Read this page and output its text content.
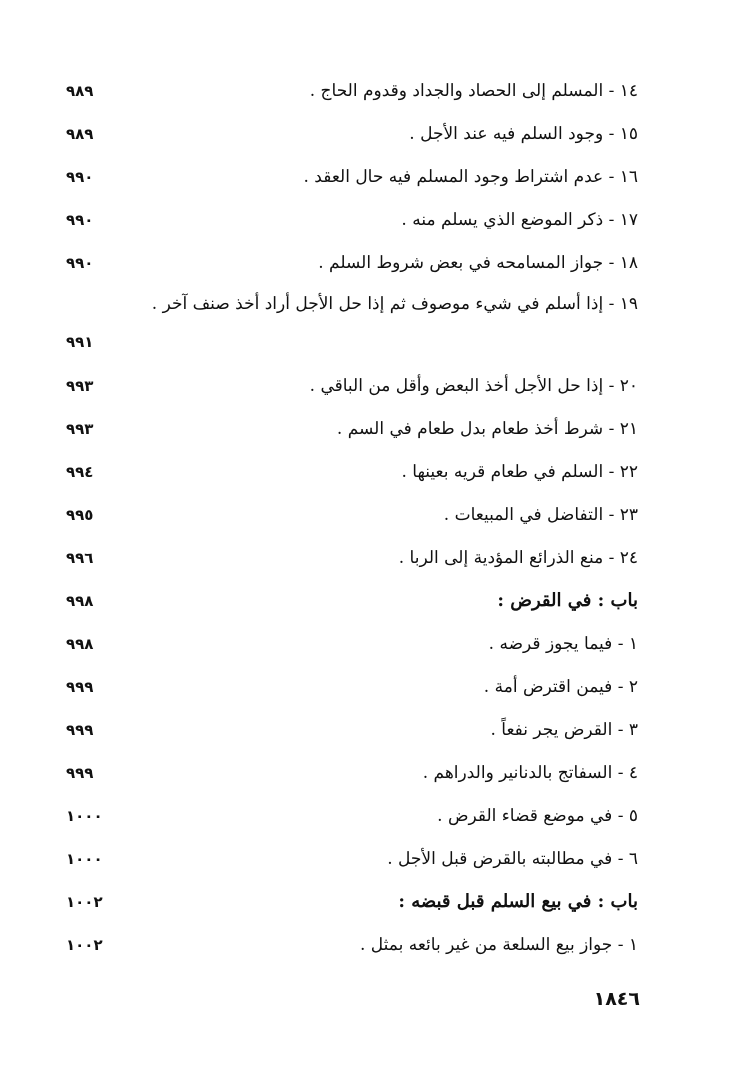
١٤ - المسلم إلى الحصاد والجداد وقدوم الحاج .
٩٨٩
١٥ - وجود السلم فيه عند الأجل .
٩٨٩
١٦ - عدم اشتراط وجود المسلم فيه حال العقد .
٩٩٠
١٧ - ذكر الموضع الذي يسلم منه .
٩٩٠
١٨ - جواز المسامحه في بعض شروط السلم .
٩٩٠
١٩ - إذا أسلم في شيء موصوف ثم إذا حل الأجل أراد أخذ صنف آخر .
٩٩١
٢٠ - إذا حل الأجل أخذ البعض وأقل من الباقي .
٩٩٣
٢١ - شرط أخذ طعام بدل طعام في السم .
٩٩٣
٢٢ - السلم في طعام قريه بعينها .
٩٩٤
٢٣ - التفاضل في المبيعات .
٩٩٥
٢٤ - منع الذرائع المؤدية إلى الربا .
٩٩٦
باب : في القرض :
٩٩٨
١ - فيما يجوز قرضه .
٩٩٨
٢ - فيمن اقترض أمة .
٩٩٩
٣ - القرض يجر نفعاً .
٩٩٩
٤ - السفاتج بالدنانير والدراهم .
٩٩٩
٥ - في موضع قضاء القرض .
١٠٠٠
٦ - في مطالبته بالقرض قبل الأجل .
١٠٠٠
باب : في بيع السلم قبل قبضه :
١٠٠٢
١ - جواز بيع السلعة من غير بائعه بمثل .
١٠٠٢
١٨٤٦
